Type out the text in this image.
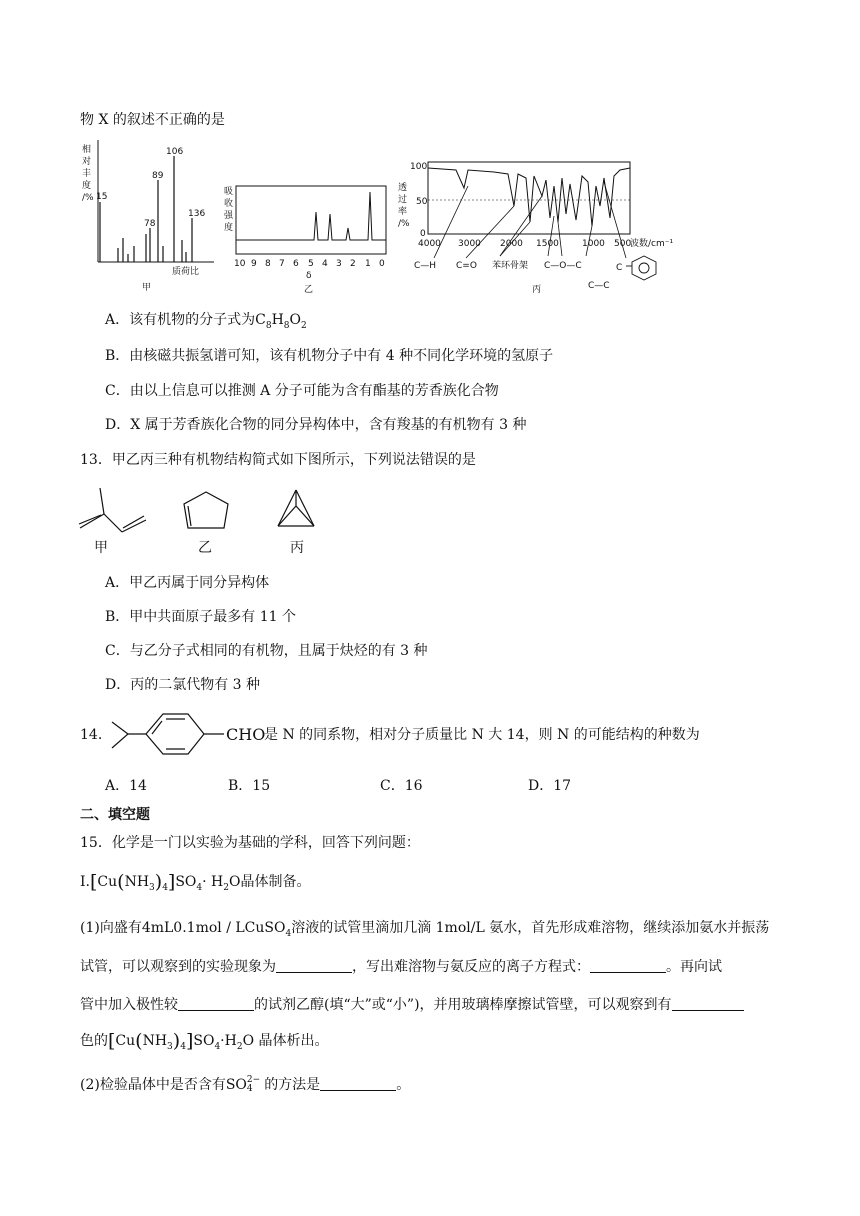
物 X 的叙述不正确的是
相
对
丰
度
/% 15
78
89
106
136
质荷比
甲
吸
收
强
度
10 9 8 7 6 5 4 3 2 1 0
δ
乙
透
过
率
/%
100
50
0
4000 3000 2000 1500	1000 500
波数/cm⁻¹
C—H C=O 苯环骨架 C—O—C
C—C
丙
C
A．该有机物的分子式为$C_8H_8O_2$
B．由核磁共振氢谱可知，该有机物分子中有 4 种不同化学环境的氢原子
C．由以上信息可以推测 A 分子可能为含有酯基的芳香族化合物
D．X 属于芳香族化合物的同分异构体中，含有羧基的有机物有 3 种
13．甲乙丙三种有机物结构简式如下图所示，下列说法错误的是
甲	乙	丙
A．甲乙丙属于同分异构体
B．甲中共面原子最多有 11 个
C．与乙分子式相同的有机物，且属于炔烃的有 3 种
D．丙的二氯代物有 3 种
14．	CHO
是 N 的同系物，相对分子质量比 N 大 14，则 N 的可能结构的种数为
A．14	B．15	C．16	D．17
二、填空题
15．化学是一门以实验为基础的学科，回答下列问题：
$I.[Cu(NH_3)_4]SO_4\cdot H_2O$晶体制备。
(1)向盛有4mL0.1mol / LCuSO$_4$溶液的试管里滴加几滴 1mol/L 氨水，首先形成难溶物，继续添加氨水并振荡
试管，可以观察到的实验现象为	，写出难溶物与氨反应的离子方程式：	。再向试
管中加入极性较	的试剂乙醇(填“大”或“小”)，并用玻璃棒摩擦试管壁，可以观察到有
色的$[Cu(NH_3)_4]SO_4\cdot H_2O$ 晶体析出。
(2)检验晶体中是否含有SO 2−
4 的方法是	。
